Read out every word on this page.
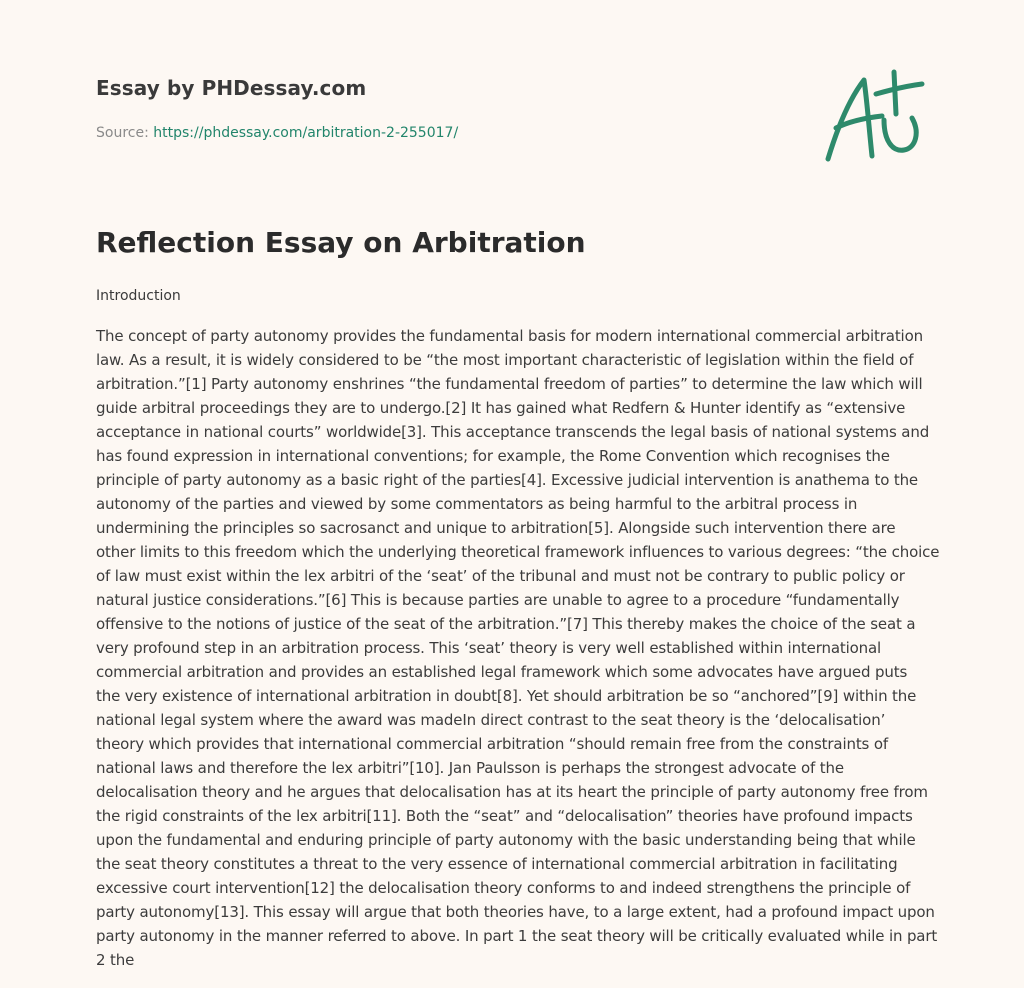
Essay by PHDessay.com
Source: https://phdessay.com/arbitration-2-255017/
Reflection Essay on Arbitration
Introduction

The concept of party autonomy provides the fundamental basis for modern international commercial arbitration
law. As a result, it is widely considered to be “the most important characteristic of legislation within the field of
arbitration.”[1] Party autonomy enshrines “the fundamental freedom of parties” to determine the law which will
guide arbitral proceedings they are to undergo.[2] It has gained what Redfern & Hunter identify as “extensive
acceptance in national courts” worldwide[3]. This acceptance transcends the legal basis of national systems and
has found expression in international conventions; for example, the Rome Convention which recognises the
principle of party autonomy as a basic right of the parties[4]. Excessive judicial intervention is anathema to the
autonomy of the parties and viewed by some commentators as being harmful to the arbitral process in
undermining the principles so sacrosanct and unique to arbitration[5]. Alongside such intervention there are
other limits to this freedom which the underlying theoretical framework influences to various degrees: “the choice
of law must exist within the lex arbitri of the ‘seat’ of the tribunal and must not be contrary to public policy or
natural justice considerations.”[6] This is because parties are unable to agree to a procedure “fundamentally
offensive to the notions of justice of the seat of the arbitration.”[7] This thereby makes the choice of the seat a
very profound step in an arbitration process. This ‘seat’ theory is very well established within international
commercial arbitration and provides an established legal framework which some advocates have argued puts
the very existence of international arbitration in doubt[8]. Yet should arbitration be so “anchored”[9] within the
national legal system where the award was madeIn direct contrast to the seat theory is the ‘delocalisation’
theory which provides that international commercial arbitration “should remain free from the constraints of
national laws and therefore the lex arbitri”[10]. Jan Paulsson is perhaps the strongest advocate of the
delocalisation theory and he argues that delocalisation has at its heart the principle of party autonomy free from
the rigid constraints of the lex arbitri[11]. Both the “seat” and “delocalisation” theories have profound impacts
upon the fundamental and enduring principle of party autonomy with the basic understanding being that while
the seat theory constitutes a threat to the very essence of international commercial arbitration in facilitating
excessive court intervention[12] the delocalisation theory conforms to and indeed strengthens the principle of
party autonomy[13]. This essay will argue that both theories have, to a large extent, had a profound impact upon
party autonomy in the manner referred to above. In part 1 the seat theory will be critically evaluated while in part
2 the
